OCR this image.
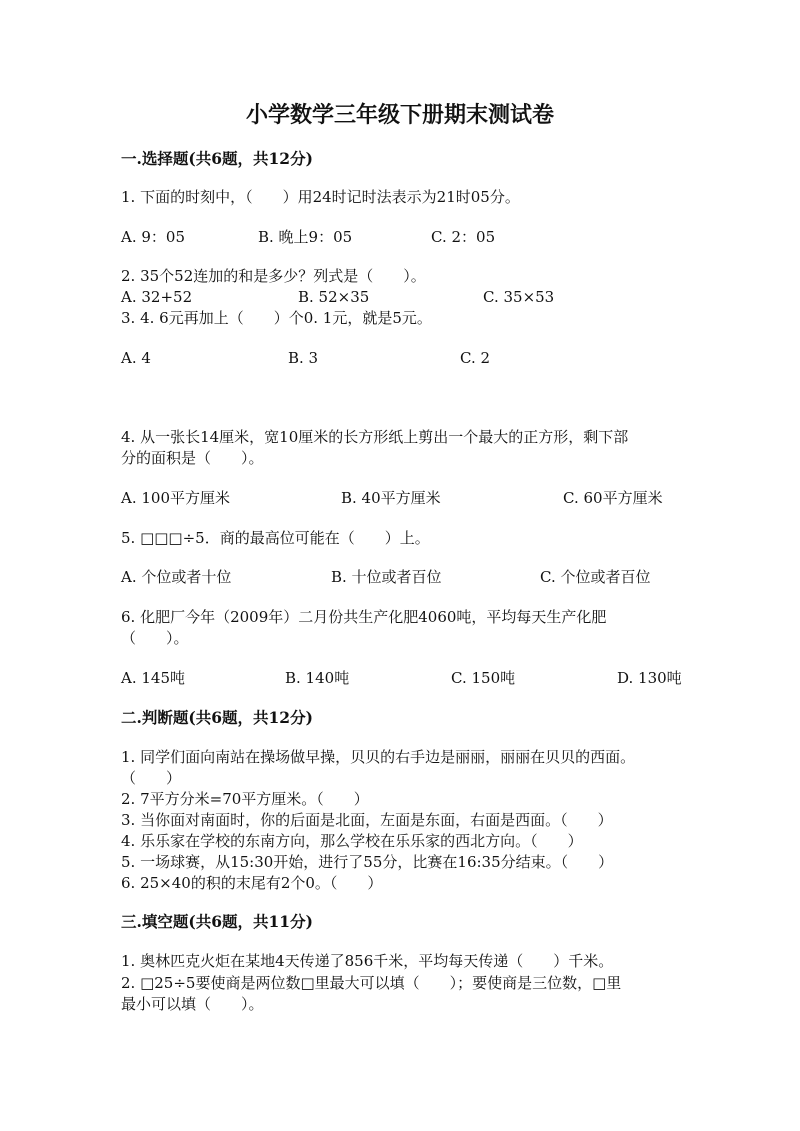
小学数学三年级下册期末测试卷
一.选择题(共6题，共12分)
1. 下面的时刻中，（　　）用24时记时法表示为21时05分。
A. 9：05	B. 晚上9：05	C. 2：05
2. 35个52连加的和是多少？列式是（　　）。
A. 32+52	B. 52×35	C. 35×53
3. 4. 6元再加上（　　）个0. 1元，就是5元。
A. 4	B. 3	C. 2
4. 从一张长14厘米，宽10厘米的长方形纸上剪出一个最大的正方形，剩下部
分的面积是（　　）。
A. 100平方厘米	B. 40平方厘米	C. 60平方厘米
5. □□□÷5．商的最高位可能在（　　）上。
A. 个位或者十位	B. 十位或者百位	C. 个位或者百位
6. 化肥厂今年（2009年）二月份共生产化肥4060吨，平均每天生产化肥
（　　）。
A. 145吨	B. 140吨	C. 150吨	D. 130吨
二.判断题(共6题，共12分)
1. 同学们面向南站在操场做早操，贝贝的右手边是丽丽，丽丽在贝贝的西面。
（　　）
2. 7平方分米=70平方厘米。（　　）
3. 当你面对南面时，你的后面是北面，左面是东面，右面是西面。（　　）
4. 乐乐家在学校的东南方向，那么学校在乐乐家的西北方向。（　　）
5. 一场球赛，从15:30开始，进行了55分，比赛在16:35分结束。（　　）
6. 25×40的积的末尾有2个0。（　　）
三.填空题(共6题，共11分)
1. 奥林匹克火炬在某地4天传递了856千米，平均每天传递（　　）千米。
2. □25÷5要使商是两位数□里最大可以填（　　）；要使商是三位数，□里
最小可以填（　　）。
